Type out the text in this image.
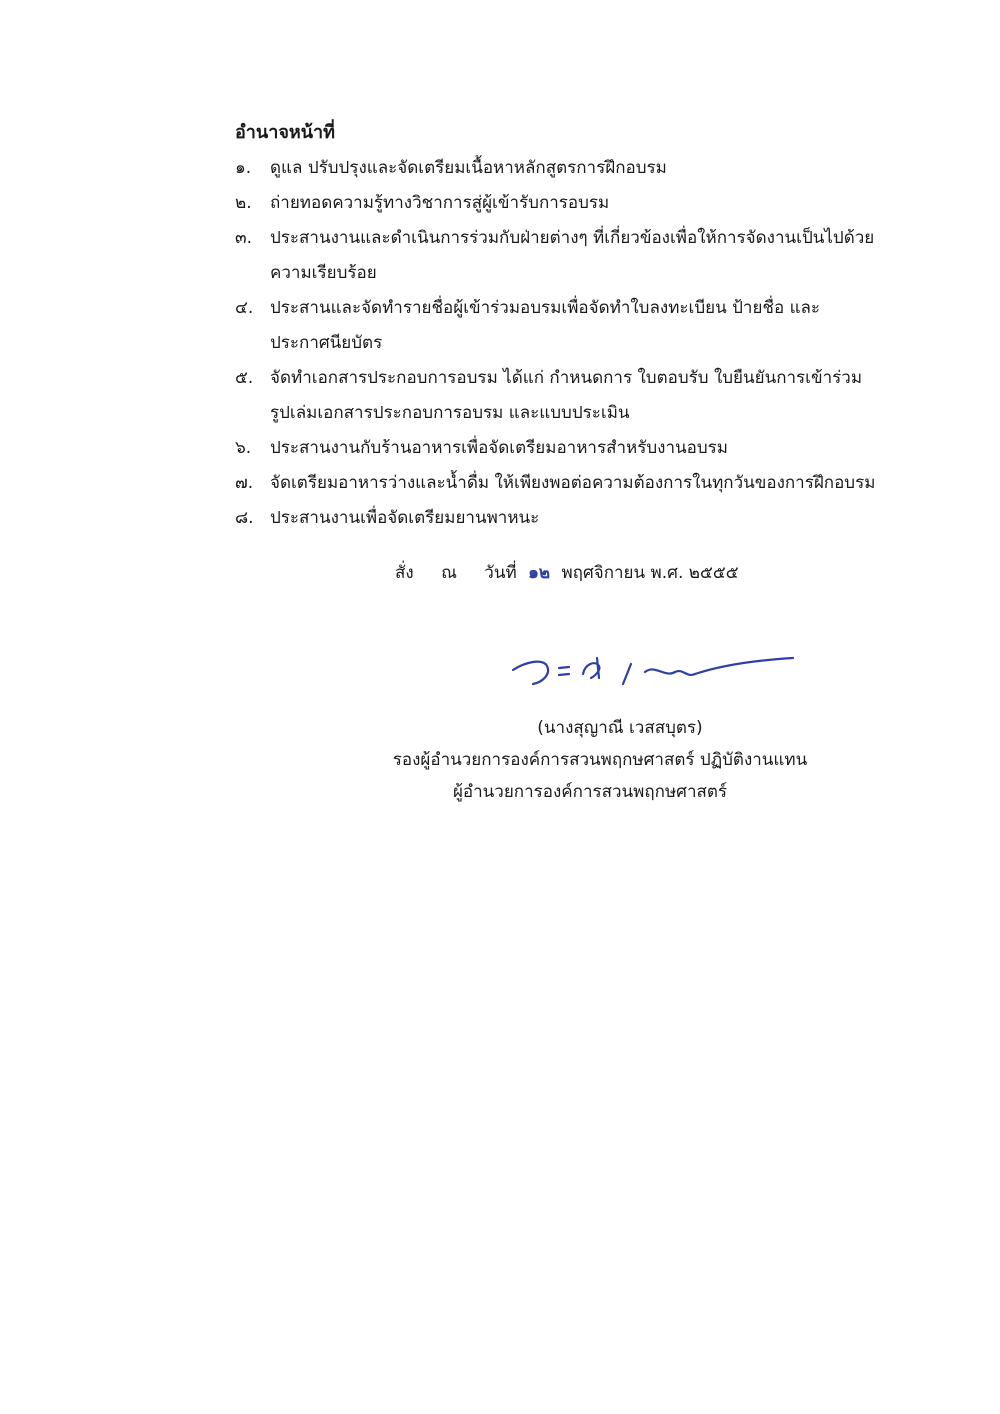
อำนาจหน้าที่
๑.	ดูแล ปรับปรุงและจัดเตรียมเนื้อหาหลักสูตรการฝึกอบรม
๒.	ถ่ายทอดความรู้ทางวิชาการสู่ผู้เข้ารับการอบรม
๓.	ประสานงานและดำเนินการร่วมกับฝ่ายต่างๆ ที่เกี่ยวข้องเพื่อให้การจัดงานเป็นไปด้วย
ความเรียบร้อย
๔. ประสานและจัดทำรายชื่อผู้เข้าร่วมอบรมเพื่อจัดทำใบลงทะเบียน ป้ายชื่อ และ
ประกาศนียบัตร
๕. จัดทำเอกสารประกอบการอบรม ได้แก่ กำหนดการ ใบตอบรับ ใบยืนยันการเข้าร่วม
รูปเล่มเอกสารประกอบการอบรม และแบบประเมิน
๖.	ประสานงานกับร้านอาหารเพื่อจัดเตรียมอาหารสำหรับงานอบรม
๗. จัดเตรียมอาหารว่างและน้ำดื่ม ให้เพียงพอต่อความต้องการในทุกวันของการฝึกอบรม
๘. ประสานงานเพื่อจัดเตรียมยานพาหนะ
สั่ง ณ วันที่ ๑๒ พฤศจิกายน พ.ศ. ๒๕๕๕
(นางสุญาณี เวสสบุตร)
รองผู้อำนวยการองค์การสวนพฤกษศาสตร์ ปฏิบัติงานแทน
ผู้อำนวยการองค์การสวนพฤกษศาสตร์
